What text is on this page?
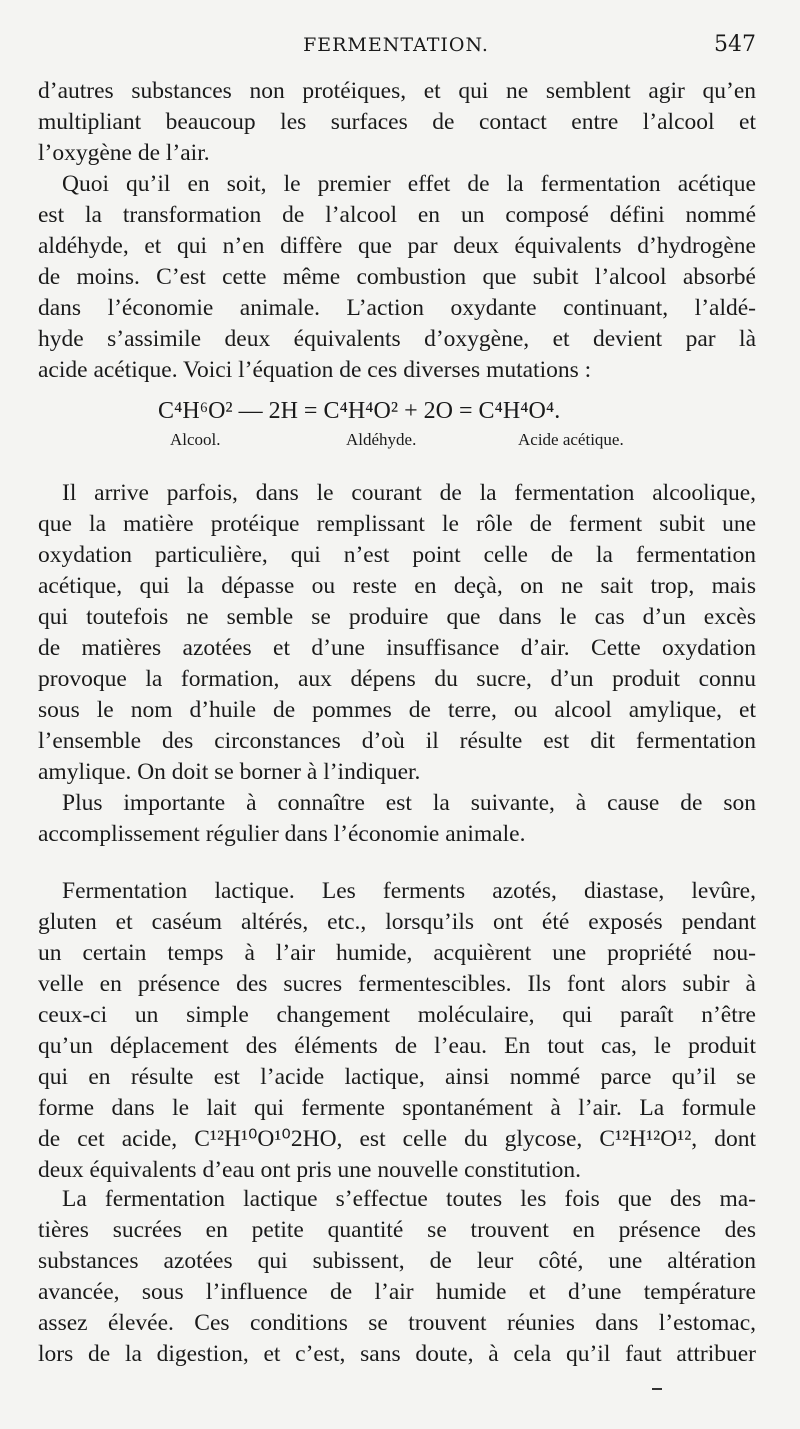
FERMENTATION.	547
d’autres substances non protéiques, et qui ne semblent agir qu’en
multipliant beaucoup les surfaces de contact entre l’alcool et
l’oxygène de l’air.
Quoi qu’il en soit, le premier effet de la fermentation acétique
est la transformation de l’alcool en un composé défini nommé
aldéhyde, et qui n’en diffère que par deux équivalents d’hydrogène
de moins. C’est cette même combustion que subit l’alcool absorbé
dans l’économie animale. L’action oxydante continuant, l’aldé-
hyde s’assimile deux équivalents d’oxygène, et devient par là
acide acétique. Voici l’équation de ces diverses mutations :
C⁴H⁶O² — 2H = C⁴H⁴O² + 2O = C⁴H⁴O⁴.
Alcool.	Aldéhyde.	Acide acétique.
Il arrive parfois, dans le courant de la fermentation alcoolique,
que la matière protéique remplissant le rôle de ferment subit une
oxydation particulière, qui n’est point celle de la fermentation
acétique, qui la dépasse ou reste en deçà, on ne sait trop, mais
qui toutefois ne semble se produire que dans le cas d’un excès
de matières azotées et d’une insuffisance d’air. Cette oxydation
provoque la formation, aux dépens du sucre, d’un produit connu
sous le nom d’huile de pommes de terre, ou alcool amylique, et
l’ensemble des circonstances d’où il résulte est dit fermentation
amylique. On doit se borner à l’indiquer.
Plus importante à connaître est la suivante, à cause de son
accomplissement régulier dans l’économie animale.
Fermentation lactique. Les ferments azotés, diastase, levûre,
gluten et caséum altérés, etc., lorsqu’ils ont été exposés pendant
un certain temps à l’air humide, acquièrent une propriété nou-
velle en présence des sucres fermentescibles. Ils font alors subir à
ceux-ci un simple changement moléculaire, qui paraît n’être
qu’un déplacement des éléments de l’eau. En tout cas, le produit
qui en résulte est l’acide lactique, ainsi nommé parce qu’il se
forme dans le lait qui fermente spontanément à l’air. La formule
de cet acide, C¹²H¹⁰O¹⁰2HO, est celle du glycose, C¹²H¹²O¹², dont
deux équivalents d’eau ont pris une nouvelle constitution.
La fermentation lactique s’effectue toutes les fois que des ma-
tières sucrées en petite quantité se trouvent en présence des
substances azotées qui subissent, de leur côté, une altération
avancée, sous l’influence de l’air humide et d’une température
assez élevée. Ces conditions se trouvent réunies dans l’estomac,
lors de la digestion, et c’est, sans doute, à cela qu’il faut attribuer
